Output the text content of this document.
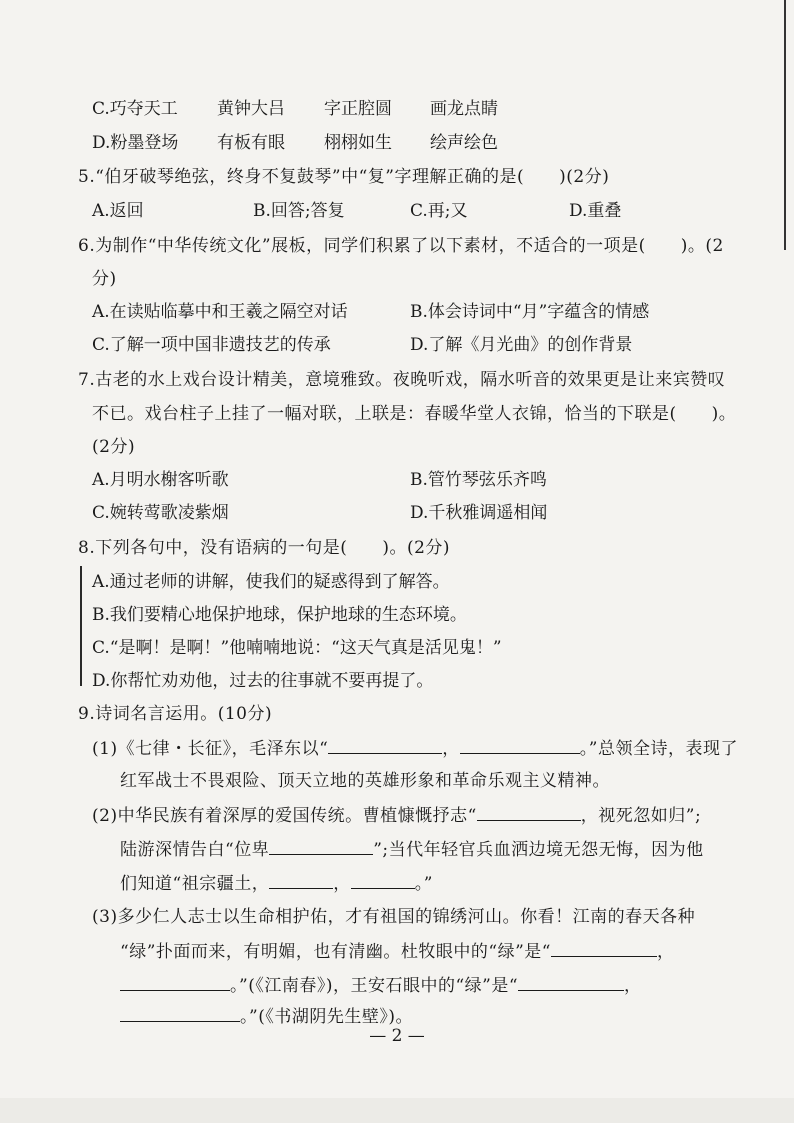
C.巧夺天工 黄钟大吕 字正腔圆 画龙点睛
D.粉墨登场 有板有眼 栩栩如生 绘声绘色
5.“伯牙破琴绝弦，终身不复鼓琴”中“复”字理解正确的是(　　)(2分)
A.返回	B.回答;答复	C.再;又	D.重叠
6.为制作“中华传统文化”展板，同学们积累了以下素材，不适合的一项是(　　)。(2
分)
A.在读贴临摹中和王羲之隔空对话	B.体会诗词中“月”字蕴含的情感
C.了解一项中国非遗技艺的传承	D.了解《月光曲》的创作背景
7.古老的水上戏台设计精美，意境雅致。夜晚听戏，隔水听音的效果更是让来宾赞叹
不已。戏台柱子上挂了一幅对联，上联是：春暖华堂人衣锦，恰当的下联是(　　)。
(2分)
A.月明水榭客听歌	B.管竹琴弦乐齐鸣
C.婉转莺歌凌紫烟	D.千秋雅调遥相闻
8.下列各句中，没有语病的一句是(　　)。(2分)
A.通过老师的讲解，使我们的疑惑得到了解答。
B.我们要精心地保护地球，保护地球的生态环境。
C.“是啊！是啊！”他喃喃地说：“这天气真是活见鬼！”
D.你帮忙劝劝他，过去的往事就不要再提了。
9.诗词名言运用。(10分)
(1)《七律・长征》，毛泽东以“	，	。”总领全诗，表现了
红军战士不畏艰险、顶天立地的英雄形象和革命乐观主义精神。
(2)中华民族有着深厚的爱国传统。曹植慷慨抒志“	，视死忽如归”;
陆游深情告白“位卑	”;当代年轻官兵血洒边境无怨无悔，因为他
们知道“祖宗疆土，	，	。”
(3)多少仁人志士以生命相护佑，才有祖国的锦绣河山。你看！江南的春天各种
“绿”扑面而来，有明媚，也有清幽。杜牧眼中的“绿”是“	，
。”(《江南春》)，王安石眼中的“绿”是“	，
。”(《书湖阴先生壁》)。
— 2 —
